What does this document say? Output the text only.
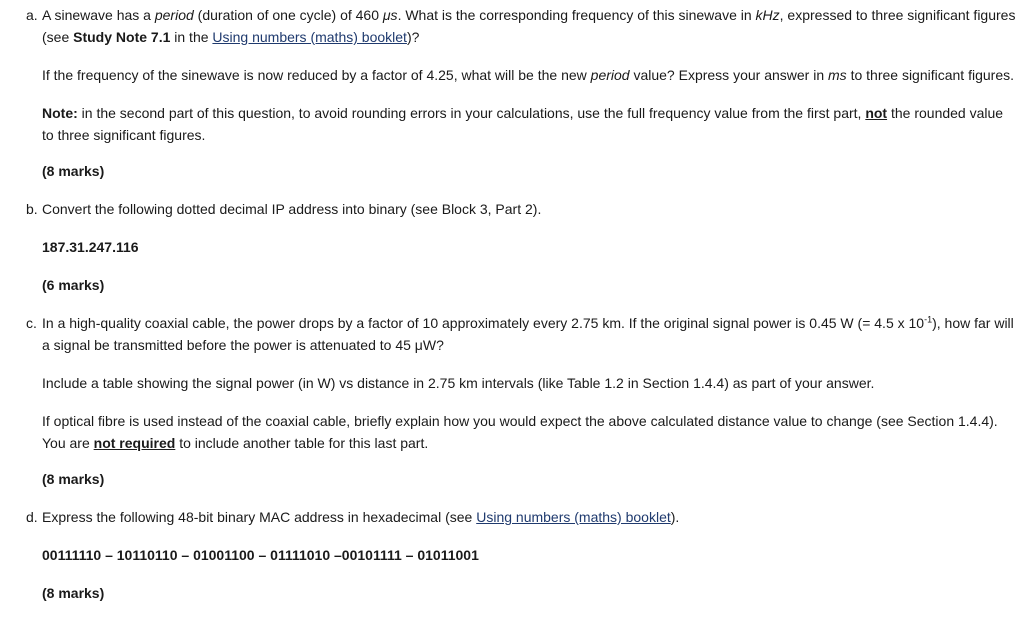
a. A sinewave has a period (duration of one cycle) of 460 μs. What is the corresponding frequency of this sinewave in kHz, expressed to three significant figures (see Study Note 7.1 in the Using numbers (maths) booklet)?

If the frequency of the sinewave is now reduced by a factor of 4.25, what will be the new period value? Express your answer in ms to three significant figures.

Note: in the second part of this question, to avoid rounding errors in your calculations, use the full frequency value from the first part, not the rounded value to three significant figures.

(8 marks)

b. Convert the following dotted decimal IP address into binary (see Block 3, Part 2).

187.31.247.116

(6 marks)

c. In a high-quality coaxial cable, the power drops by a factor of 10 approximately every 2.75 km. If the original signal power is 0.45 W (= 4.5 x $10^{-1}$), how far will a signal be transmitted before the power is attenuated to 45 μW?

Include a table showing the signal power (in W) vs distance in 2.75 km intervals (like Table 1.2 in Section 1.4.4) as part of your answer.

If optical fibre is used instead of the coaxial cable, briefly explain how you would expect the above calculated distance value to change (see Section 1.4.4). You are not required to include another table for this last part.

(8 marks)

d. Express the following 48-bit binary MAC address in hexadecimal (see Using numbers (maths) booklet).

00111110 – 10110110 – 01001100 – 01111010 –00101111 – 01011001

(8 marks)
